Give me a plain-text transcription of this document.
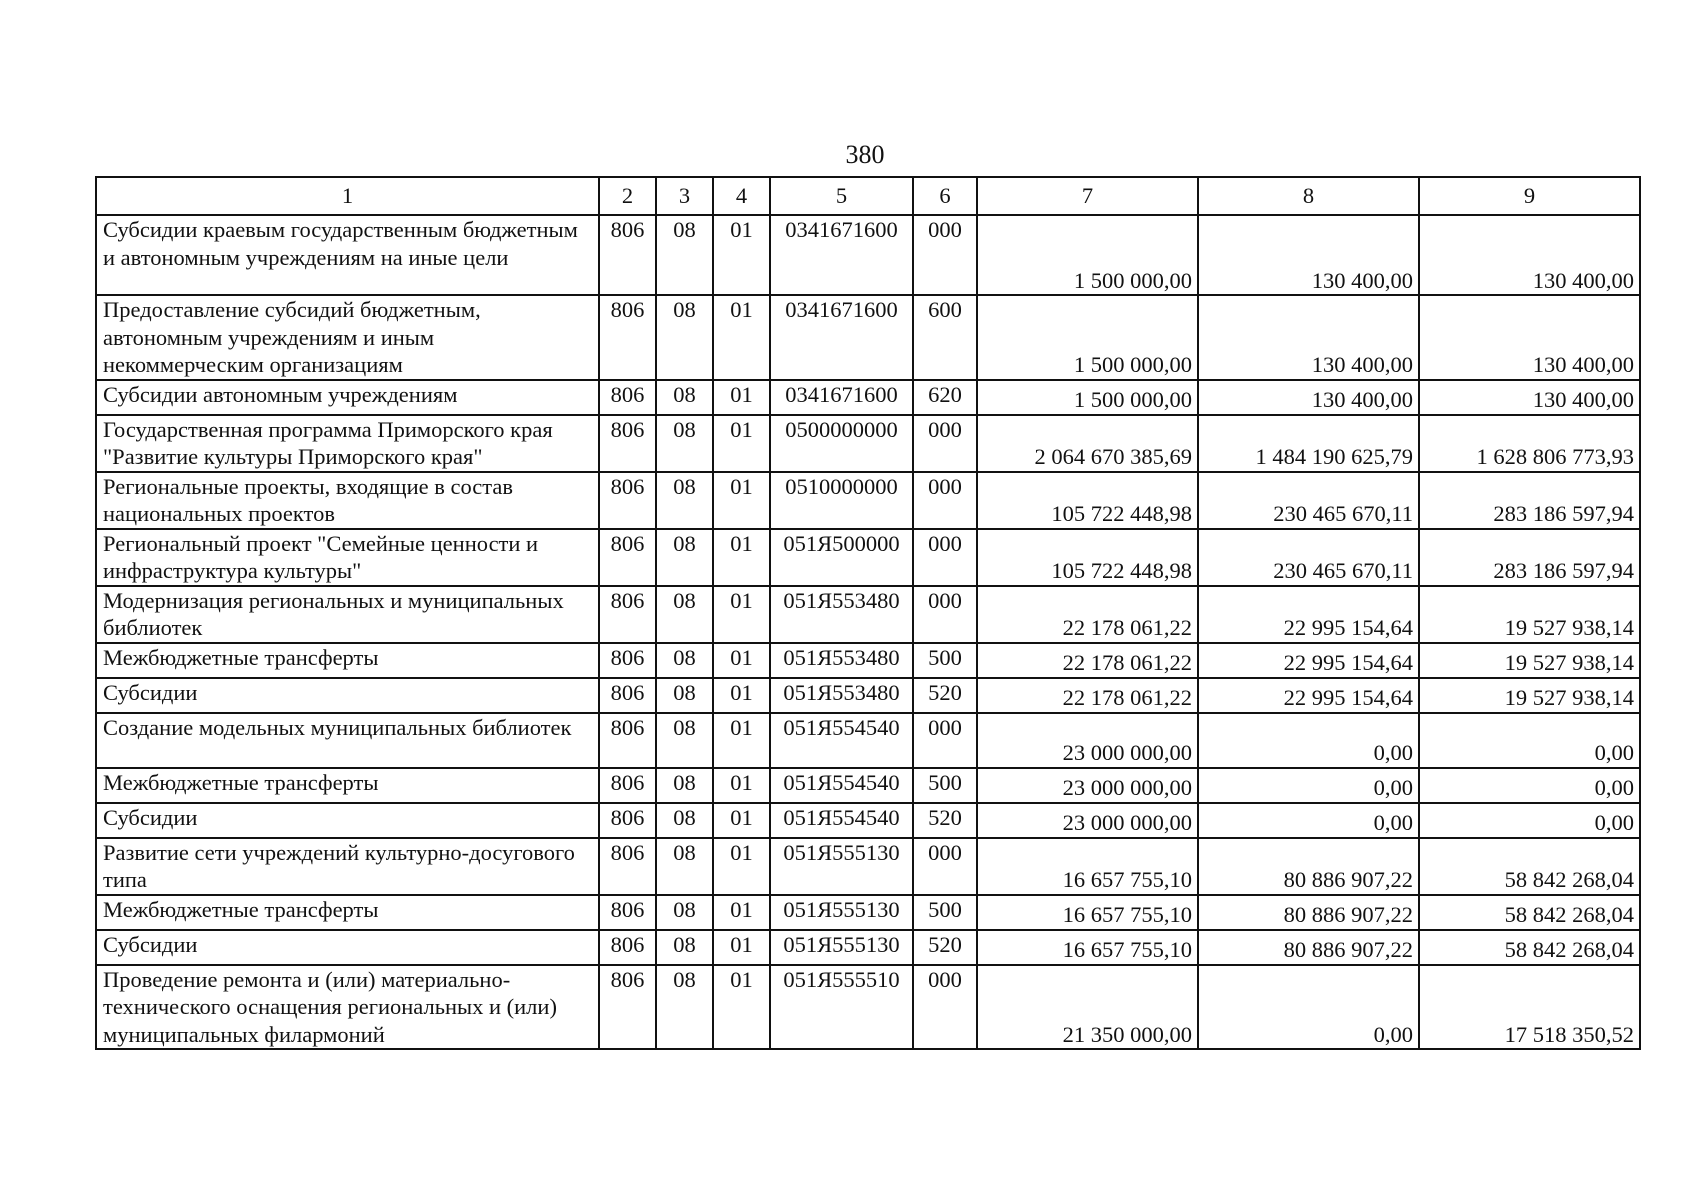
380
1	2	3	4	5	6	7	8	9
Субсидии краевым государственным бюджетным и автономным учреждениям на иные цели	806	08	01	0341671600	000	1 500 000,00	130 400,00	130 400,00
Предоставление субсидий бюджетным, автономным учреждениям и иным некоммерческим организациям	806	08	01	0341671600	600	1 500 000,00	130 400,00	130 400,00
Субсидии автономным учреждениям	806	08	01	0341671600	620	1 500 000,00	130 400,00	130 400,00
Государственная программа Приморского края "Развитие культуры Приморского края"	806	08	01	0500000000	000	2 064 670 385,69	1 484 190 625,79	1 628 806 773,93
Региональные проекты, входящие в состав национальных проектов	806	08	01	0510000000	000	105 722 448,98	230 465 670,11	283 186 597,94
Региональный проект "Семейные ценности и инфраструктура культуры"	806	08	01	051Я500000	000	105 722 448,98	230 465 670,11	283 186 597,94
Модернизация региональных и муниципальных библиотек	806	08	01	051Я553480	000	22 178 061,22	22 995 154,64	19 527 938,14
Межбюджетные трансферты	806	08	01	051Я553480	500	22 178 061,22	22 995 154,64	19 527 938,14
Субсидии	806	08	01	051Я553480	520	22 178 061,22	22 995 154,64	19 527 938,14
Создание модельных муниципальных библиотек	806	08	01	051Я554540	000	23 000 000,00	0,00	0,00
Межбюджетные трансферты	806	08	01	051Я554540	500	23 000 000,00	0,00	0,00
Субсидии	806	08	01	051Я554540	520	23 000 000,00	0,00	0,00
Развитие сети учреждений культурно-досугового типа	806	08	01	051Я555130	000	16 657 755,10	80 886 907,22	58 842 268,04
Межбюджетные трансферты	806	08	01	051Я555130	500	16 657 755,10	80 886 907,22	58 842 268,04
Субсидии	806	08	01	051Я555130	520	16 657 755,10	80 886 907,22	58 842 268,04
Проведение ремонта и (или) материально-технического оснащения региональных и (или) муниципальных филармоний	806	08	01	051Я555510	000	21 350 000,00	0,00	17 518 350,52
